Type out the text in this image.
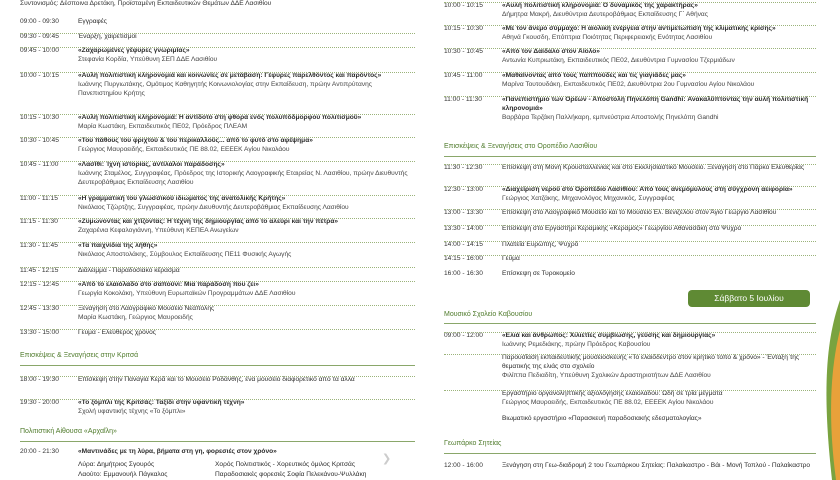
Συντονισμός: Δέσποινα Δρετάκη, Προϊσταμένη Εκπαιδευτικών Θεμάτων ΔΔΕ Λασιθίου
09:00 - 09:30	Εγγραφές
09:30 - 09:45	Έναρξη, χαιρετισμοί
09:45 - 10:00	«Ζαχαρωμένες γέφυρες γνωριμίας»
Στεφανία Κορδία, Υπεύθυνη ΣΕΠ ΔΔΕ Λασιθίου
10:00 - 10:15	«Αυλή πολιτιστική κληρονομιά και κοινωνίες σε μετάβαση: Γέφυρες παρελθόντος και παρόντος»
Ιωάννης Πυργιωτάκης, Ομότιμος Καθηγητής Κοινωνιολογίας στην Εκπαίδευση, πρώην Αντιπρύτανης Πανεπιστημίου Κρήτης
10:15 - 10:30	«Αυλή πολιτιστική κληρονομιά: Η αντίδοτο στη φθορά ενός πολυπόδμορφου πολιτισμού»
Μαρία Κωστάκη, Εκπαιδευτικός ΠΕ02, Πρόεδρος ΠΛΕΑΜ
10:30 - 10:45	«Του πάθους του φριχτού & του περικαλλούς... από το φυτό στο αφέψημα»
Γεώργιος Μαυροειδής, Εκπαιδευτικός ΠΕ 88.02, ΕΕΕΕΚ Αγίου Νικολάου
10:45 - 11:00	«Λασίθι: Ίχνη ιστορίας, αντίλαλοι παράδοσης»
Ιωάννης Σταμέλος, Συγγραφέας, Πρόεδρος της Ιστορικής Λαογραφικής Εταιρείας Ν. Λασιθίου, πρώην Διευθυντής Δευτεροβάθμιας Εκπαίδευσης Λασιθίου
11:00 - 11:15	«Η γραμματική του γλωσσικού ιδιώματος της ανατολικής Κρήτης»
Νικόλαος Τζώρτζης, Συγγραφέας, πρώην Διευθυντής Δευτεροβάθμιας Εκπαίδευσης Λασιθίου
11:15 - 11:30	«Ζυμώνοντας και χτίζοντας: Η τέχνη της δημιουργίας από το αλεύρι και την πέτρα»
Ζαχαρένια Κεφαλογιάννη, Υπεύθυνη ΚΕΠΕΑ Ανωγείων
11:30 - 11:45	«Τα παιχνίδια της λήθης»
Νικόλαος Αποστολάκης, Σύμβουλος Εκπαίδευσης ΠΕ11 Φυσικής Αγωγής
11:45 - 12:15	Διάλειμμα - Παραδοσιακό κέρασμα
12:15 - 12:45	«Από το ελαιόλαδο στο σαπούνι: Μια παράδοση που ζει»
Γεωργία Κοκολάκη, Υπεύθυνη Ευρωπαϊκών Προγραμμάτων ΔΔΕ Λασιθίου
12:45 - 13:30	Ξενάγηση στο Λαογραφικό Μουσείο Νεάπολης
Μαρία Κωστάκη, Γεώργιος Μαυροειδής
13:30 - 15:00	Γεύμα - Ελεύθερος χρόνος
Επισκέψεις & Ξεναγήσεις στην Κριτσά
18:00 - 19:30	Επίσκεψη στην Παναγία Κερά και το Μουσείο Ροδάνθης, ένα μουσείο διαφορετικό από τα άλλα
19:30 - 20:00	«Το ξόμπλι της Κριτσάς: Ταξίδι στην υφαντική τέχνη»
Σχολή υφαντικής τέχνης «Το ξόμπλι»
Πολιτιστική Αίθουσα «Αρχαΐλη»
20:00 - 21:30	«Μαντινάδες με τη λύρα, βήματα στη γη, φορεσιές στον χρόνο»
Λύρα: Δημήτριος Σγουρός	Χορός Πολιτιστικός - Χορευτικός όμιλος Κριτσάς
Λαούτο: Εμμανουήλ Πάγκαλος	Παραδοσιακές φορεσιές Σοφία Πελεκάνου-Ψυλλάκη
❯
10:00 - 10:15	«Αυλή πολιτιστική κληρονομιά: Ο δυναμικός της χαρακτήρας»
Δήμητρα Μακρή, Διευθύντρια Δευτεροβάθμιας Εκπαίδευσης Γ΄ Αθήνας
10:15 - 10:30	«Με τον άνεμο σύμμαχο: Η αιολική ενέργεια στην αντιμετώπιση της κλιματικής κρίσης»
Αθηνά Γκουσδη, Επόπτρια Ποιότητας Περιφερειακής Ενότητας Λασιθίου
10:30 - 10:45	«Από τον Δαίδαλο στον Αίολο»
Αντωνία Κυπριωτάκη, Εκπαιδευτικός ΠΕ02, Διευθύντρια Γυμνασίου Τζερμιάδων
10:45 - 11:00	«Μαθαίνοντας από τους παππούδες και τις γιαγιάδες μας»
Μαρίνα Τουτουδάκη, Εκπαιδευτικός ΠΕ02, Διευθύντρια 2ου Γυμνασίου Αγίου Νικολάου
11:00 - 11:30	«Πανεπιστήμιο των Ορέων - Αποστολή Πηνελόπη Gandhi: Ανακαλύπτοντας την αυλή πολιτιστική κληρονομιά»
Βαρβάρα Τερζάκη Παλλήκαρη, εμπνεύστρια Αποστολής Πηνελόπη Gandhi
Επισκέψεις & Ξεναγήσεις στο Οροπέδιο Λασιθίου
11:30 - 12:30	Επίσκεψη στη Μονή Κρουσταλλένιας και στο Εκκλησιαστικό Μουσείο. Ξενάγηση στο Πάρκο Ελευθερίας
12:30 - 13:00	«Διαχείριση νερού στο Οροπέδιο Λασιθίου: Από τους ανεμόμυλους στη σύγχρονη αειφορία»
Γεώργιος Χατζάκης, Μηχανολόγος Μηχανικός, Συγγραφέας
13:00 - 13:30	Επίσκεψη στο Λαογραφικό Μουσείο και το Μουσείο Ελ. Βενιζέλου στον Άγιο Γεώργιο Λασιθίου
13:30 - 14:00	Επίσκεψη στο Εργαστήρι Κεραμικής «Κέραμος» Γεωργίου Αθανασάκη στο Ψυχρό
14:00 - 14:15	Πλατεία Ευρώπης, Ψυχρό
14:15 - 16:00	Γεύμα
16:00 - 16:30	Επίσκεψη σε Τυροκομείο
Σάββατο 5 Ιουλίου
Μουσικό Σχολείο Καβουσίου
09:00 - 12:00	«Ελιά και άνθρωπος: Χιλιετίες συμβίωσης, γεύσης και δημιουργίας»
Ιωάννης Ρεμεδιάκης, πρώην Πρόεδρος Καβουσίου
Παρουσίαση εκπαιδευτικής μουσειοσκευής «Το ελαιόδεντρο στον κρητικό τόπο & χρόνο» - Ένταξη της θεματικής της ελιάς στο σχολείο
Φιλίππα Πεδιαδίτη, Υπεύθυνη Σχολικών Δραστηριοτήτων ΔΔΕ Λασιθίου
Εργαστήριο οργανοληπτικής αξιολόγησης ελαιολάδου: Ωδή σε τρία μέγματα
Γεώργιος Μαυροειδής, Εκπαιδευτικός ΠΕ 88.02, ΕΕΕΕΚ Αγίου Νικολάου
Βιωματικό εργαστήριο «Παρασκευή παραδοσιακής εδεσματολογίας»
Γεωπάρκο Σητείας
12:00 - 16:00	Ξενάγηση στη Γεω-διαδρομή 2 του Γεωπάρκου Σητείας: Παλαίκαστρο - Βάι - Μονή Τοπλού - Παλαίκαστρο
